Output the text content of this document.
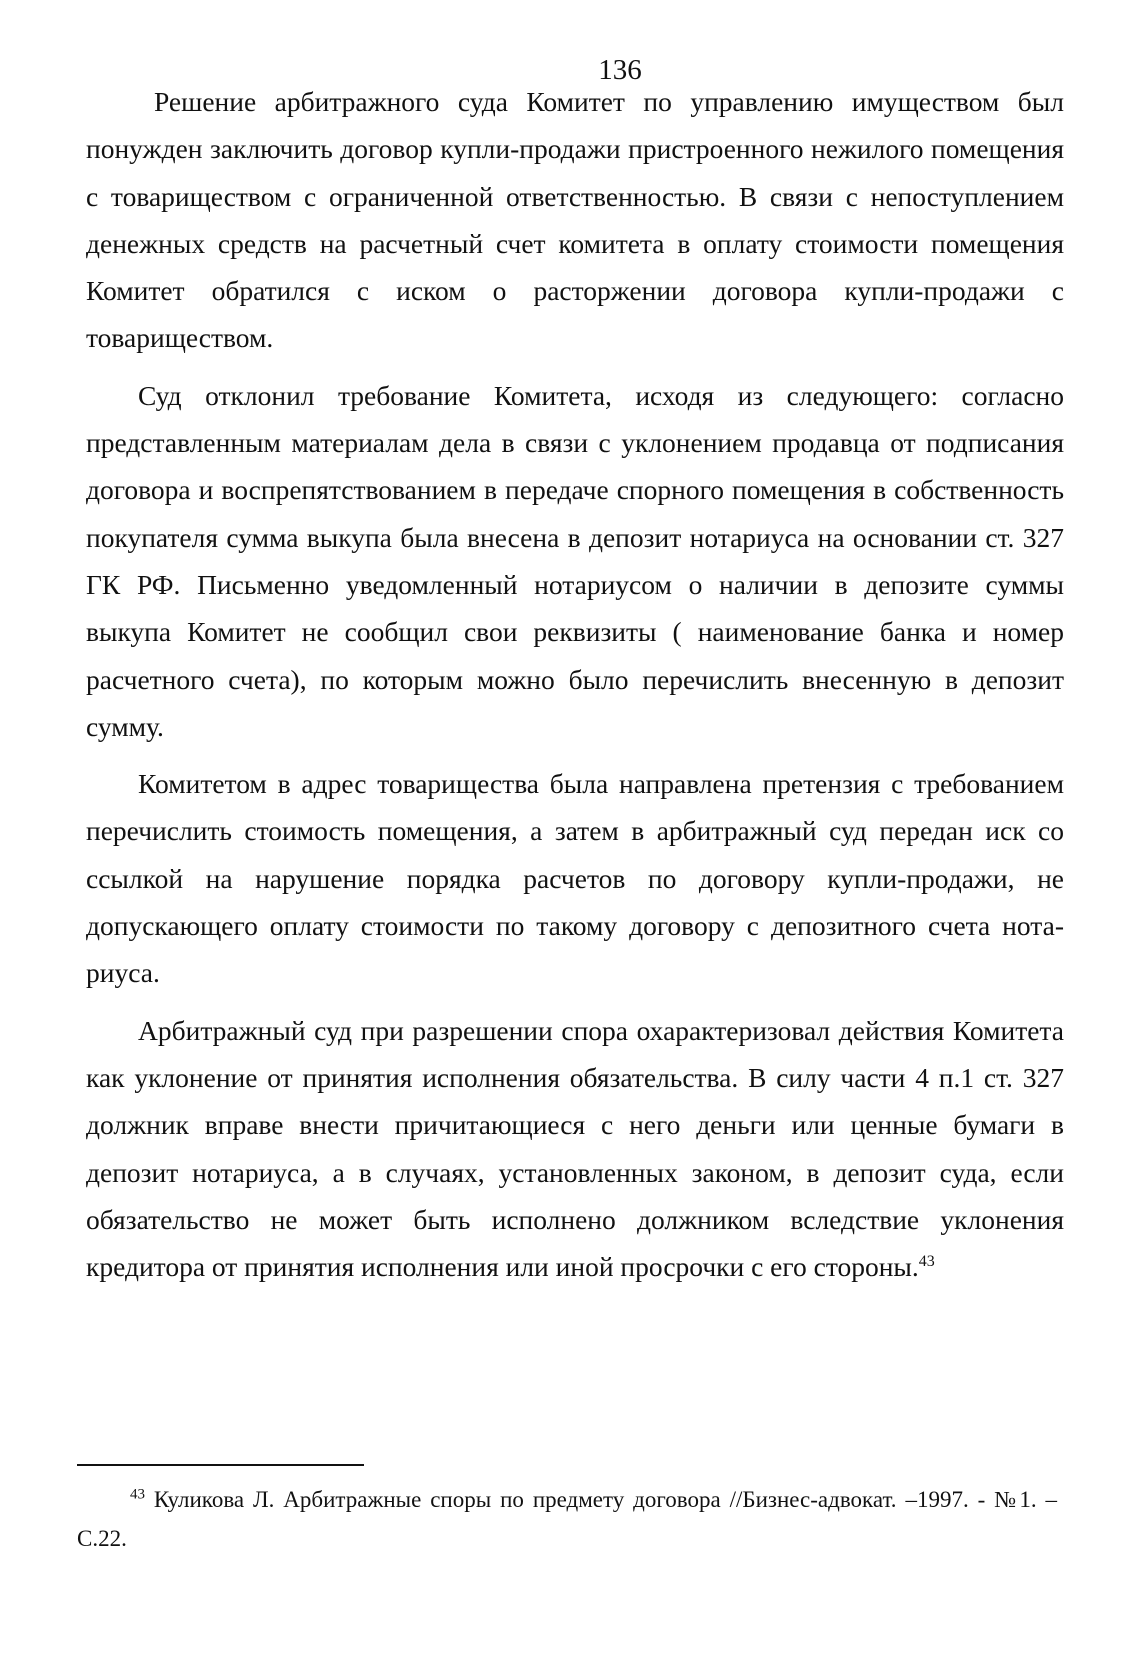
136

Решение арбитражного суда Комитет по управлению имуществом был понужден заключить договор купли-продажи пристроенного нежилого помещения с товариществом с ограниченной ответственностью. В связи с непоступлением денежных средств на расчетный счет комитета в оплату стоимости помещения Комитет обратился с иском о расторжении договора купли-продажи с товариществом.

Суд отклонил требование Комитета, исходя из следующего: согласно представленным материалам дела в связи с уклонением продавца от подписания договора и воспрепятствованием в передаче спорного помещения в собственность покупателя сумма выкупа была внесена в депозит нотариуса на основании ст. 327 ГК РФ. Письменно уведомленный нотариусом о наличии в депозите суммы выкупа Комитет не сообщил свои реквизиты ( наименование банка и номер расчетного счета), по которым можно было перечислить внесенную в депозит сумму.

Комитетом в адрес товарищества была направлена претензия с требованием перечислить стоимость помещения, а затем в арбитражный суд передан иск со ссылкой на нарушение порядка расчетов по договору купли-продажи, не допускающего оплату стоимости по такому договору с депозитного счета нотариуса.

Арбитражный суд при разрешении спора охарактеризовал действия Комитета как уклонение от принятия исполнения обязательства. В силу части 4 п.1 ст. 327 должник вправе внести причитающиеся с него деньги или ценные бумаги в депозит нотариуса, а в случаях, установленных законом, в депозит суда, если обязательство не может быть исполнено должником вследствие уклонения кредитора от принятия исполнения или иной просрочки с его стороны.$^{43}$

$^{43}$ Куликова Л. Арбитражные споры по предмету договора //Бизнес-адвокат. –1997. - №1. –С.22.
